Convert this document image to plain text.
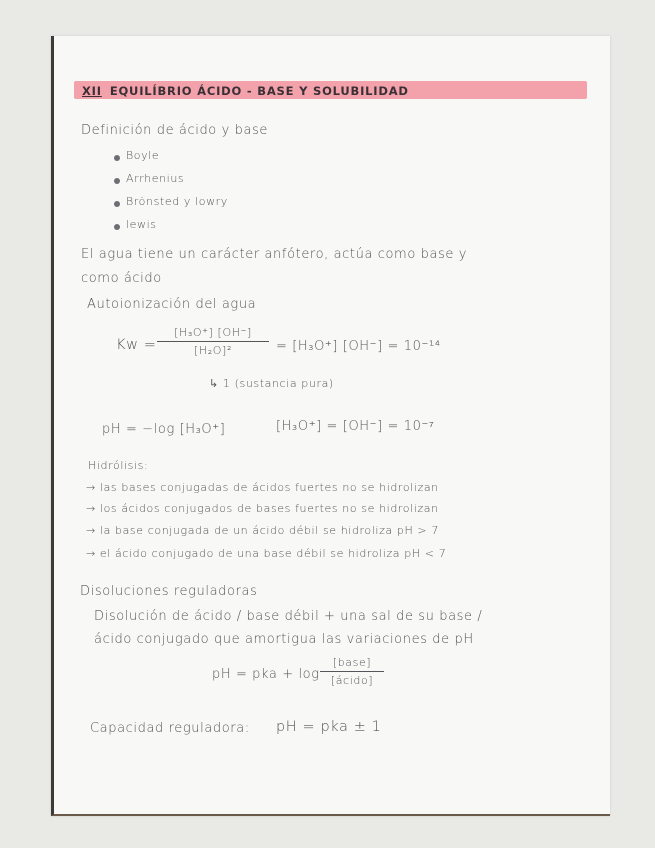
XII EQUILÍBRIO ÁCIDO - BASE Y SOLUBILIDAD
Definición de ácido y base
Boyle
Arrhenius
Brönsted y lowry
lewis
El agua tiene un carácter anfótero, actúa como base y
como ácido
Autoionización del agua
Kw =
[H₃O⁺] [OH⁻]
[H₂O]²	= [H₃O⁺] [OH⁻] = 10⁻¹⁴
↳ 1 (sustancia pura)
pH = −log [H₃O⁺]	[H₃O⁺] = [OH⁻] = 10⁻⁷
Hidrólisis:
→ las bases conjugadas de ácidos fuertes no se hidrolizan
→ los ácidos conjugados de bases fuertes no se hidrolizan
→ la base conjugada de un ácido débil se hidroliza pH > 7
→ el ácido conjugado de una base débil se hidroliza pH < 7
Disoluciones reguladoras
Disolución de ácido / base débil + una sal de su base /
ácido conjugado que amortigua las variaciones de pH
pH = pka + log
[base]
[ácido]
Capacidad reguladora: pH = pka ± 1
